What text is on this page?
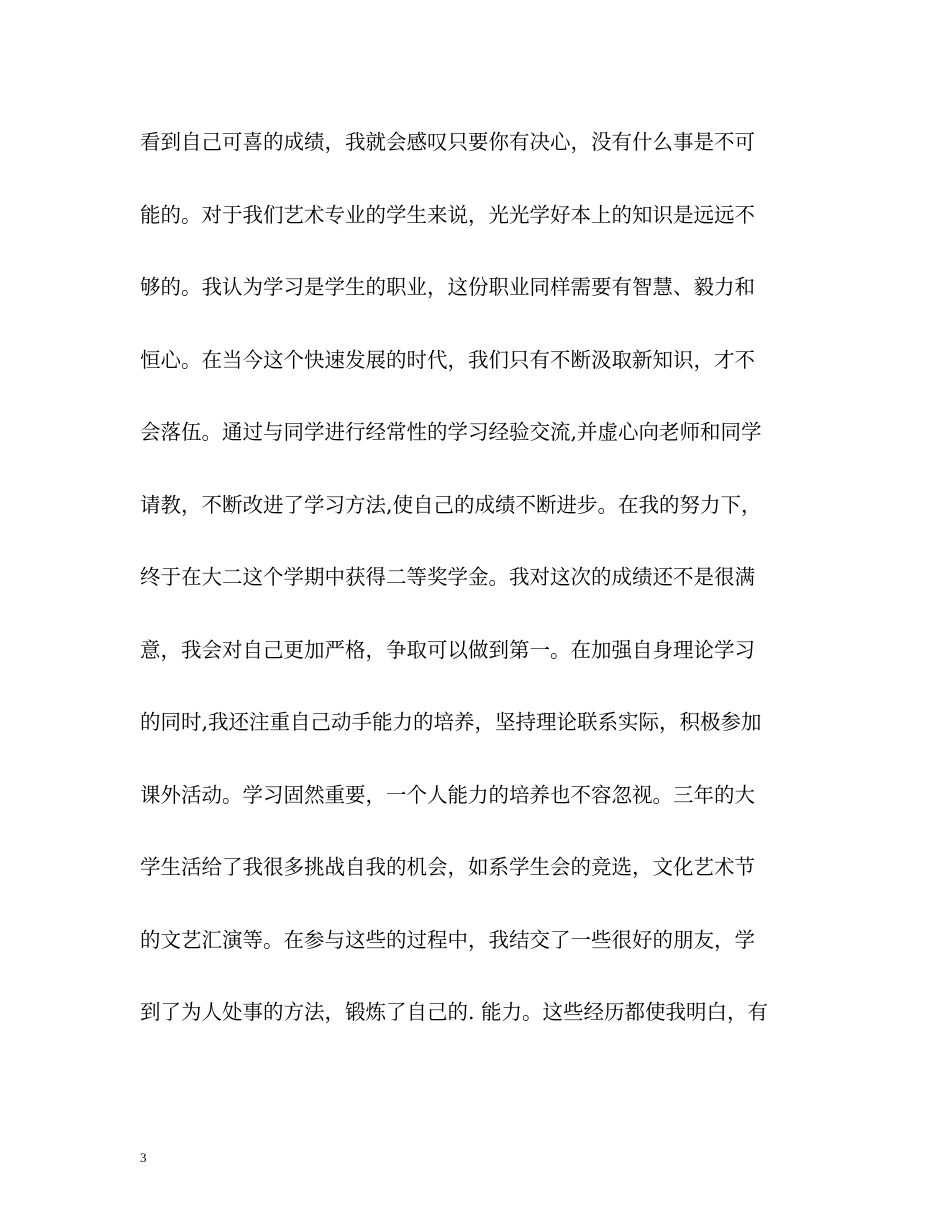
看到自己可喜的成绩，我就会感叹只要你有决心，没有什么事是不可
能的。对于我们艺术专业的学生来说，光光学好本上的知识是远远不
够的。我认为学习是学生的职业，这份职业同样需要有智慧、毅力和
恒心。在当今这个快速发展的时代，我们只有不断汲取新知识，才不
会落伍。通过与同学进行经常性的学习经验交流,并虚心向老师和同学
请教，不断改进了学习方法,使自己的成绩不断进步。在我的努力下，
终于在大二这个学期中获得二等奖学金。我对这次的成绩还不是很满
意，我会对自己更加严格，争取可以做到第一。在加强自身理论学习
的同时,我还注重自己动手能力的培养，坚持理论联系实际，积极参加
课外活动。学习固然重要，一个人能力的培养也不容忽视。三年的大
学生活给了我很多挑战自我的机会，如系学生会的竞选，文化艺术节
的文艺汇演等。在参与这些的过程中，我结交了一些很好的朋友，学
到了为人处事的方法，锻炼了自己的. 能力。这些经历都使我明白，有
3
